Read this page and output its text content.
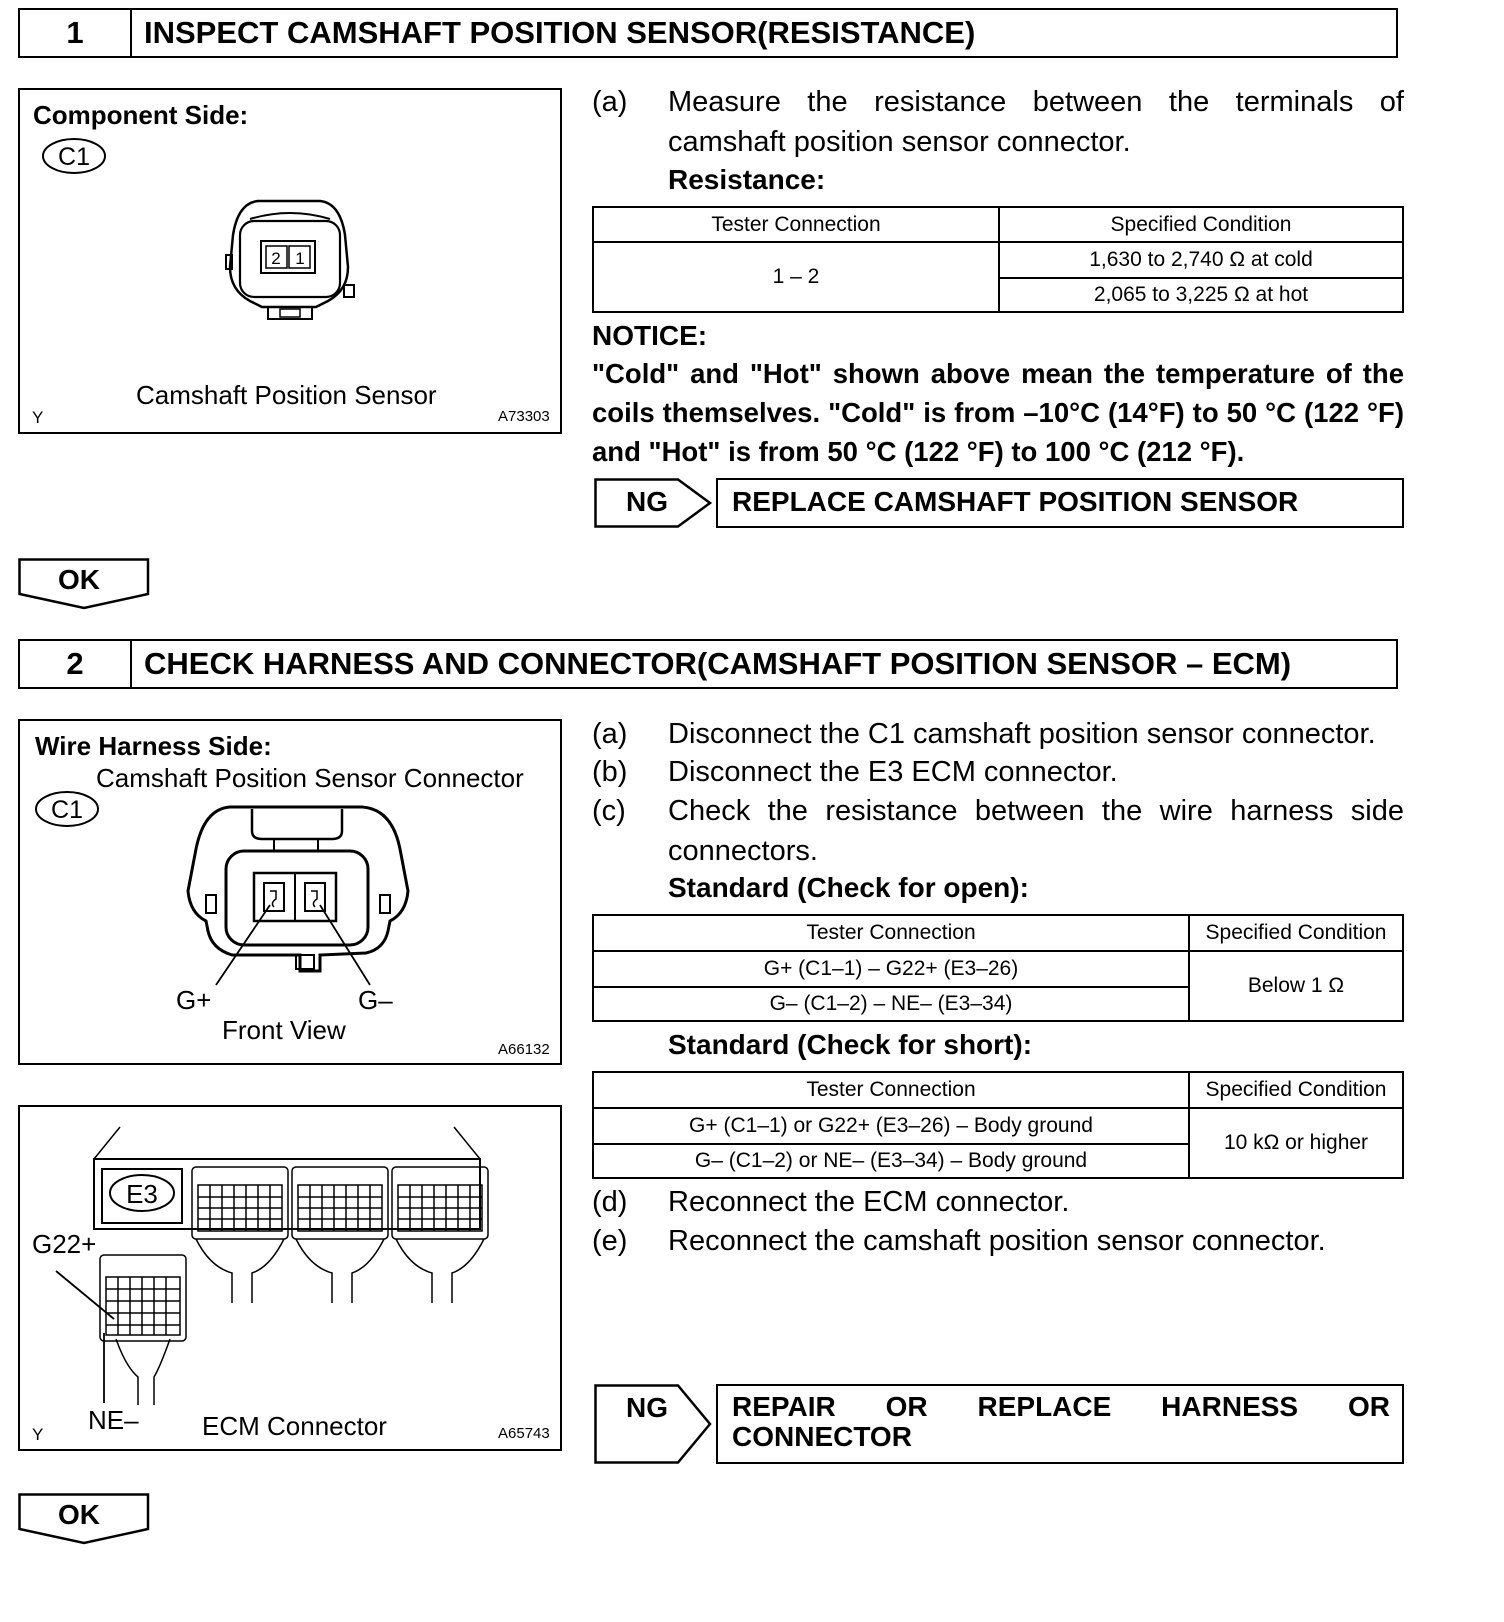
1	INSPECT CAMSHAFT POSITION SENSOR(RESISTANCE)
Component Side:
C1
2 1
Camshaft Position Sensor
Y	A73303
(a) Measure the resistance between the terminals of camshaft position sensor connector.
Resistance:
Tester Connection	Specified Condition
1 – 2	1,630 to 2,740 Ω at cold
	2,065 to 3,225 Ω at hot
NOTICE:
"Cold" and "Hot" shown above mean the temperature of the coils themselves. "Cold" is from –10°C (14°F) to 50 °C (122 °F) and "Hot" is from 50 °C (122 °F) to 100 °C (212 °F).
NG	REPLACE CAMSHAFT POSITION SENSOR
OK
2	CHECK HARNESS AND CONNECTOR(CAMSHAFT POSITION SENSOR – ECM)
Wire Harness Side:
Camshaft Position Sensor Connector
C1
G+	G–
Front View
A66132
E3
G22+
NE– ECM Connector
Y	A65743
(a) Disconnect the C1 camshaft position sensor connector.
(b) Disconnect the E3 ECM connector.
(c) Check the resistance between the wire harness side connectors.
Standard (Check for open):
Tester Connection	Specified Condition
G+ (C1–1) – G22+ (E3–26)	Below 1 Ω
G– (C1–2) – NE– (E3–34)	
Standard (Check for short):
Tester Connection	Specified Condition
G+ (C1–1) or G22+ (E3–26) – Body ground	10 kΩ or higher
G– (C1–2) or NE– (E3–34) – Body ground	
(d) Reconnect the ECM connector.
(e) Reconnect the camshaft position sensor connector.
NG REPAIR OR REPLACE HARNESS OR
CONNECTOR
OK
